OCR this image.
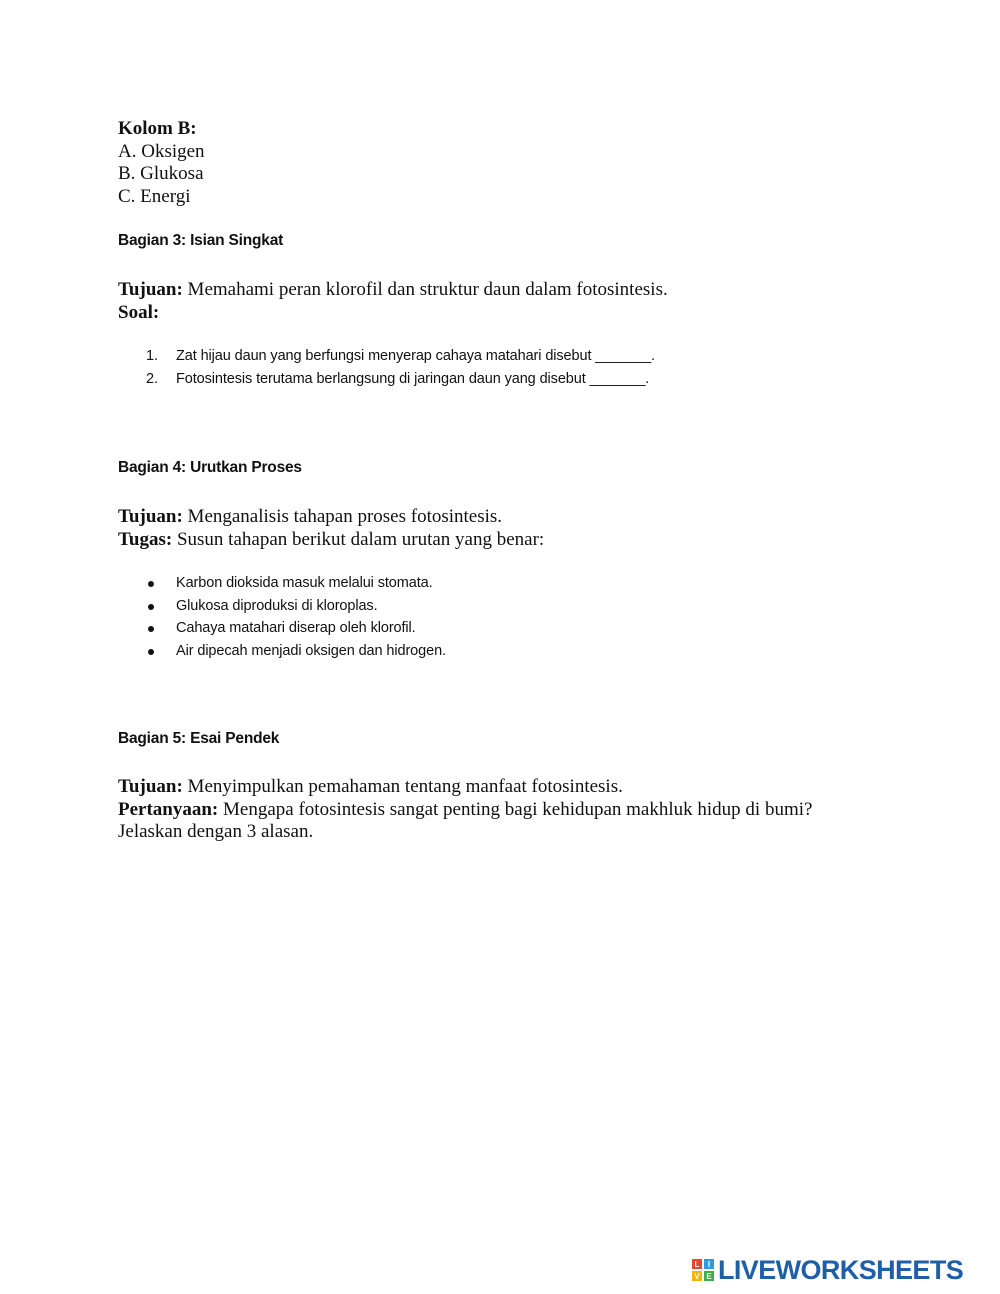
Kolom B:
A. Oksigen
B. Glukosa
C. Energi
Bagian 3: Isian Singkat
Tujuan: Memahami peran klorofil dan struktur daun dalam fotosintesis.
Soal:
1. Zat hijau daun yang berfungsi menyerap cahaya matahari disebut _______.
2. Fotosintesis terutama berlangsung di jaringan daun yang disebut _______.
Bagian 4: Urutkan Proses
Tujuan: Menganalisis tahapan proses fotosintesis.
Tugas: Susun tahapan berikut dalam urutan yang benar:
Karbon dioksida masuk melalui stomata.
Glukosa diproduksi di kloroplas.
Cahaya matahari diserap oleh klorofil.
Air dipecah menjadi oksigen dan hidrogen.
Bagian 5: Esai Pendek
Tujuan: Menyimpulkan pemahaman tentang manfaat fotosintesis.
Pertanyaan: Mengapa fotosintesis sangat penting bagi kehidupan makhluk hidup di bumi?
Jelaskan dengan 3 alasan.
L	I
V E LIVEWORKSHEETS
